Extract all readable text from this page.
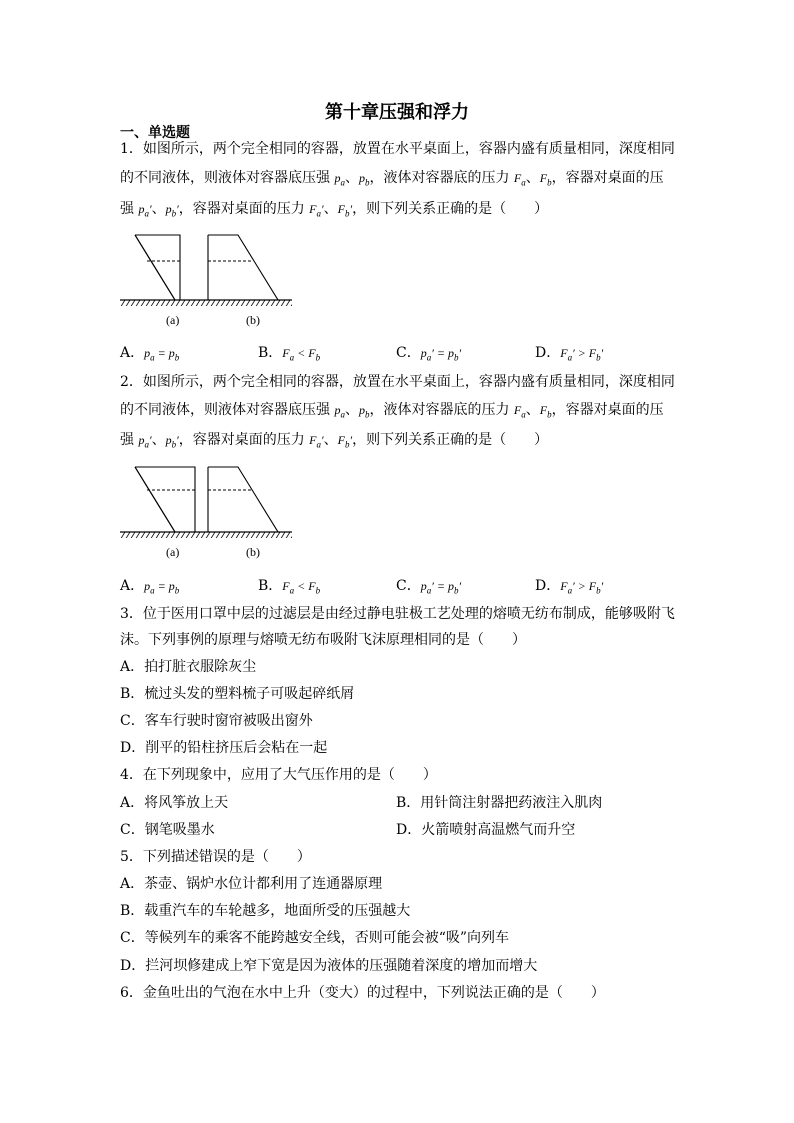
第十章压强和浮力
一、单选题
1．如图所示，两个完全相同的容器，放置在水平桌面上，容器内盛有质量相同，深度相同
的不同液体，则液体对容器底压强 $p_a$、$p_b$，液体对容器底的压力 $F_a$、$F_b$，容器对桌面的压
强 $p_a'$、$p_b'$，容器对桌面的压力 $F_a'$、$F_b'$，则下列关系正确的是（　　）
(a)	(b)
A．$p_a = p_b$	B．$F_a < F_b$	C．$p_a' = p_b'$	D．$F_a' > F_b'$
2．如图所示，两个完全相同的容器，放置在水平桌面上，容器内盛有质量相同，深度相同
的不同液体，则液体对容器底压强 $p_a$、$p_b$，液体对容器底的压力 $F_a$、$F_b$，容器对桌面的压
强 $p_a'$、$p_b'$，容器对桌面的压力 $F_a'$、$F_b'$，则下列关系正确的是（　　）
(a)	(b)
A．$p_a = p_b$	B．$F_a < F_b$	C．$p_a' = p_b'$	D．$F_a' > F_b'$
3．位于医用口罩中层的过滤层是由经过静电驻极工艺处理的熔喷无纺布制成，能够吸附飞
沫。下列事例的原理与熔喷无纺布吸附飞沫原理相同的是（　　）
A．拍打脏衣服除灰尘
B．梳过头发的塑料梳子可吸起碎纸屑
C．客车行驶时窗帘被吸出窗外
D．削平的铅柱挤压后会粘在一起
4．在下列现象中，应用了大气压作用的是（　　）
A．将风筝放上天	B．用针筒注射器把药液注入肌肉
C．钢笔吸墨水	D．火箭喷射高温燃气而升空
5．下列描述错误的是（　　）
A．茶壶、锅炉水位计都利用了连通器原理
B．载重汽车的车轮越多，地面所受的压强越大
C．等候列车的乘客不能跨越安全线，否则可能会被“吸”向列车
D．拦河坝修建成上窄下宽是因为液体的压强随着深度的增加而增大
6．金鱼吐出的气泡在水中上升（变大）的过程中，下列说法正确的是（　　）
